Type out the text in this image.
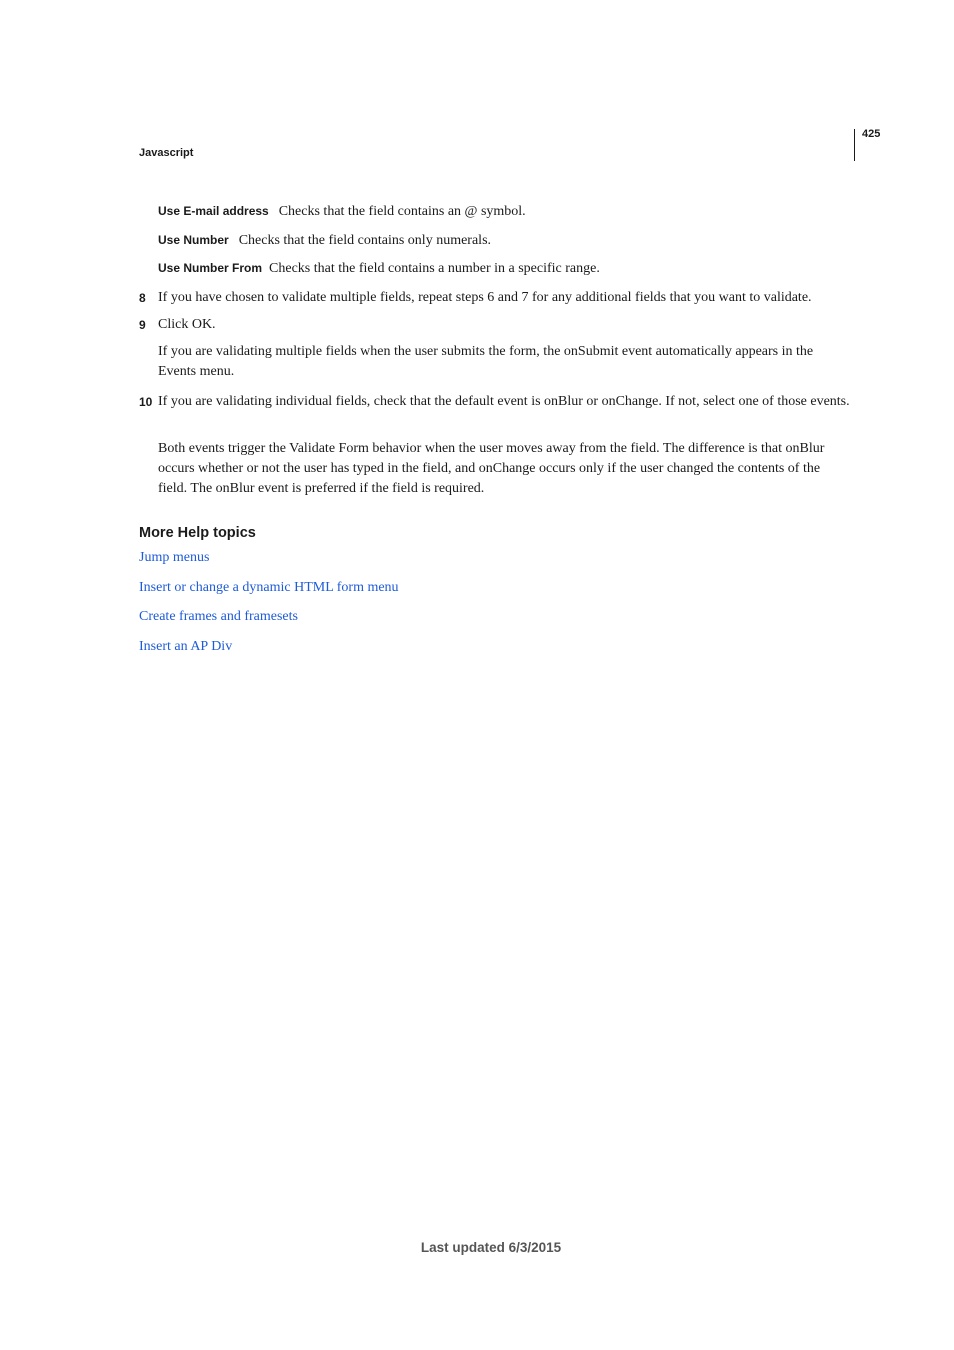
425
Javascript
Use E-mail address Checks that the field contains an @ symbol.
Use Number Checks that the field contains only numerals.
Use Number From Checks that the field contains a number in a specific range.
8 If you have chosen to validate multiple fields, repeat steps 6 and 7 for any additional fields that you want to validate.
9 Click OK.
If you are validating multiple fields when the user submits the form, the onSubmit event automatically appears in the Events menu.
10 If you are validating individual fields, check that the default event is onBlur or onChange. If not, select one of those events.
Both events trigger the Validate Form behavior when the user moves away from the field. The difference is that onBlur occurs whether or not the user has typed in the field, and onChange occurs only if the user changed the contents of the field. The onBlur event is preferred if the field is required.
More Help topics
Jump menus
Insert or change a dynamic HTML form menu
Create frames and framesets
Insert an AP Div
Last updated 6/3/2015
